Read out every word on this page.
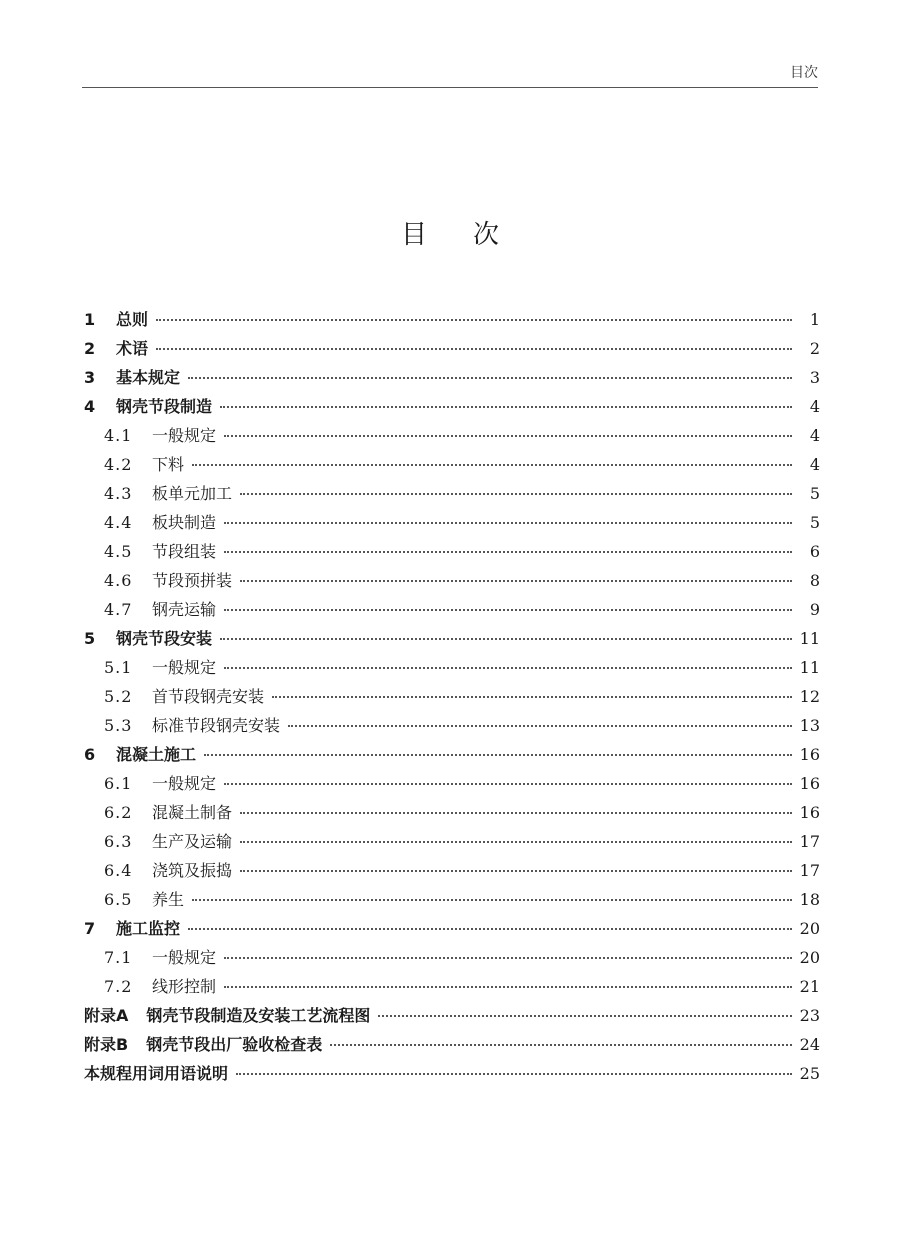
目次
目次
1	总则	1
2	术语	2
3	基本规定	3
4	钢壳节段制造	4
4.1	一般规定	4
4.2	下料	4
4.3	板单元加工	5
4.4	板块制造	5
4.5	节段组装	6
4.6	节段预拼装	8
4.7	钢壳运输	9
5	钢壳节段安装	11
5.1	一般规定	11
5.2	首节段钢壳安装	12
5.3	标准节段钢壳安装	13
6	混凝土施工	16
6.1	一般规定	16
6.2	混凝土制备	16
6.3	生产及运输	17
6.4	浇筑及振捣	17
6.5	养生	18
7	施工监控	20
7.1	一般规定	20
7.2	线形控制	21
附录A 钢壳节段制造及安装工艺流程图	23
附录B 钢壳节段出厂验收检查表	24
本规程用词用语说明	25
